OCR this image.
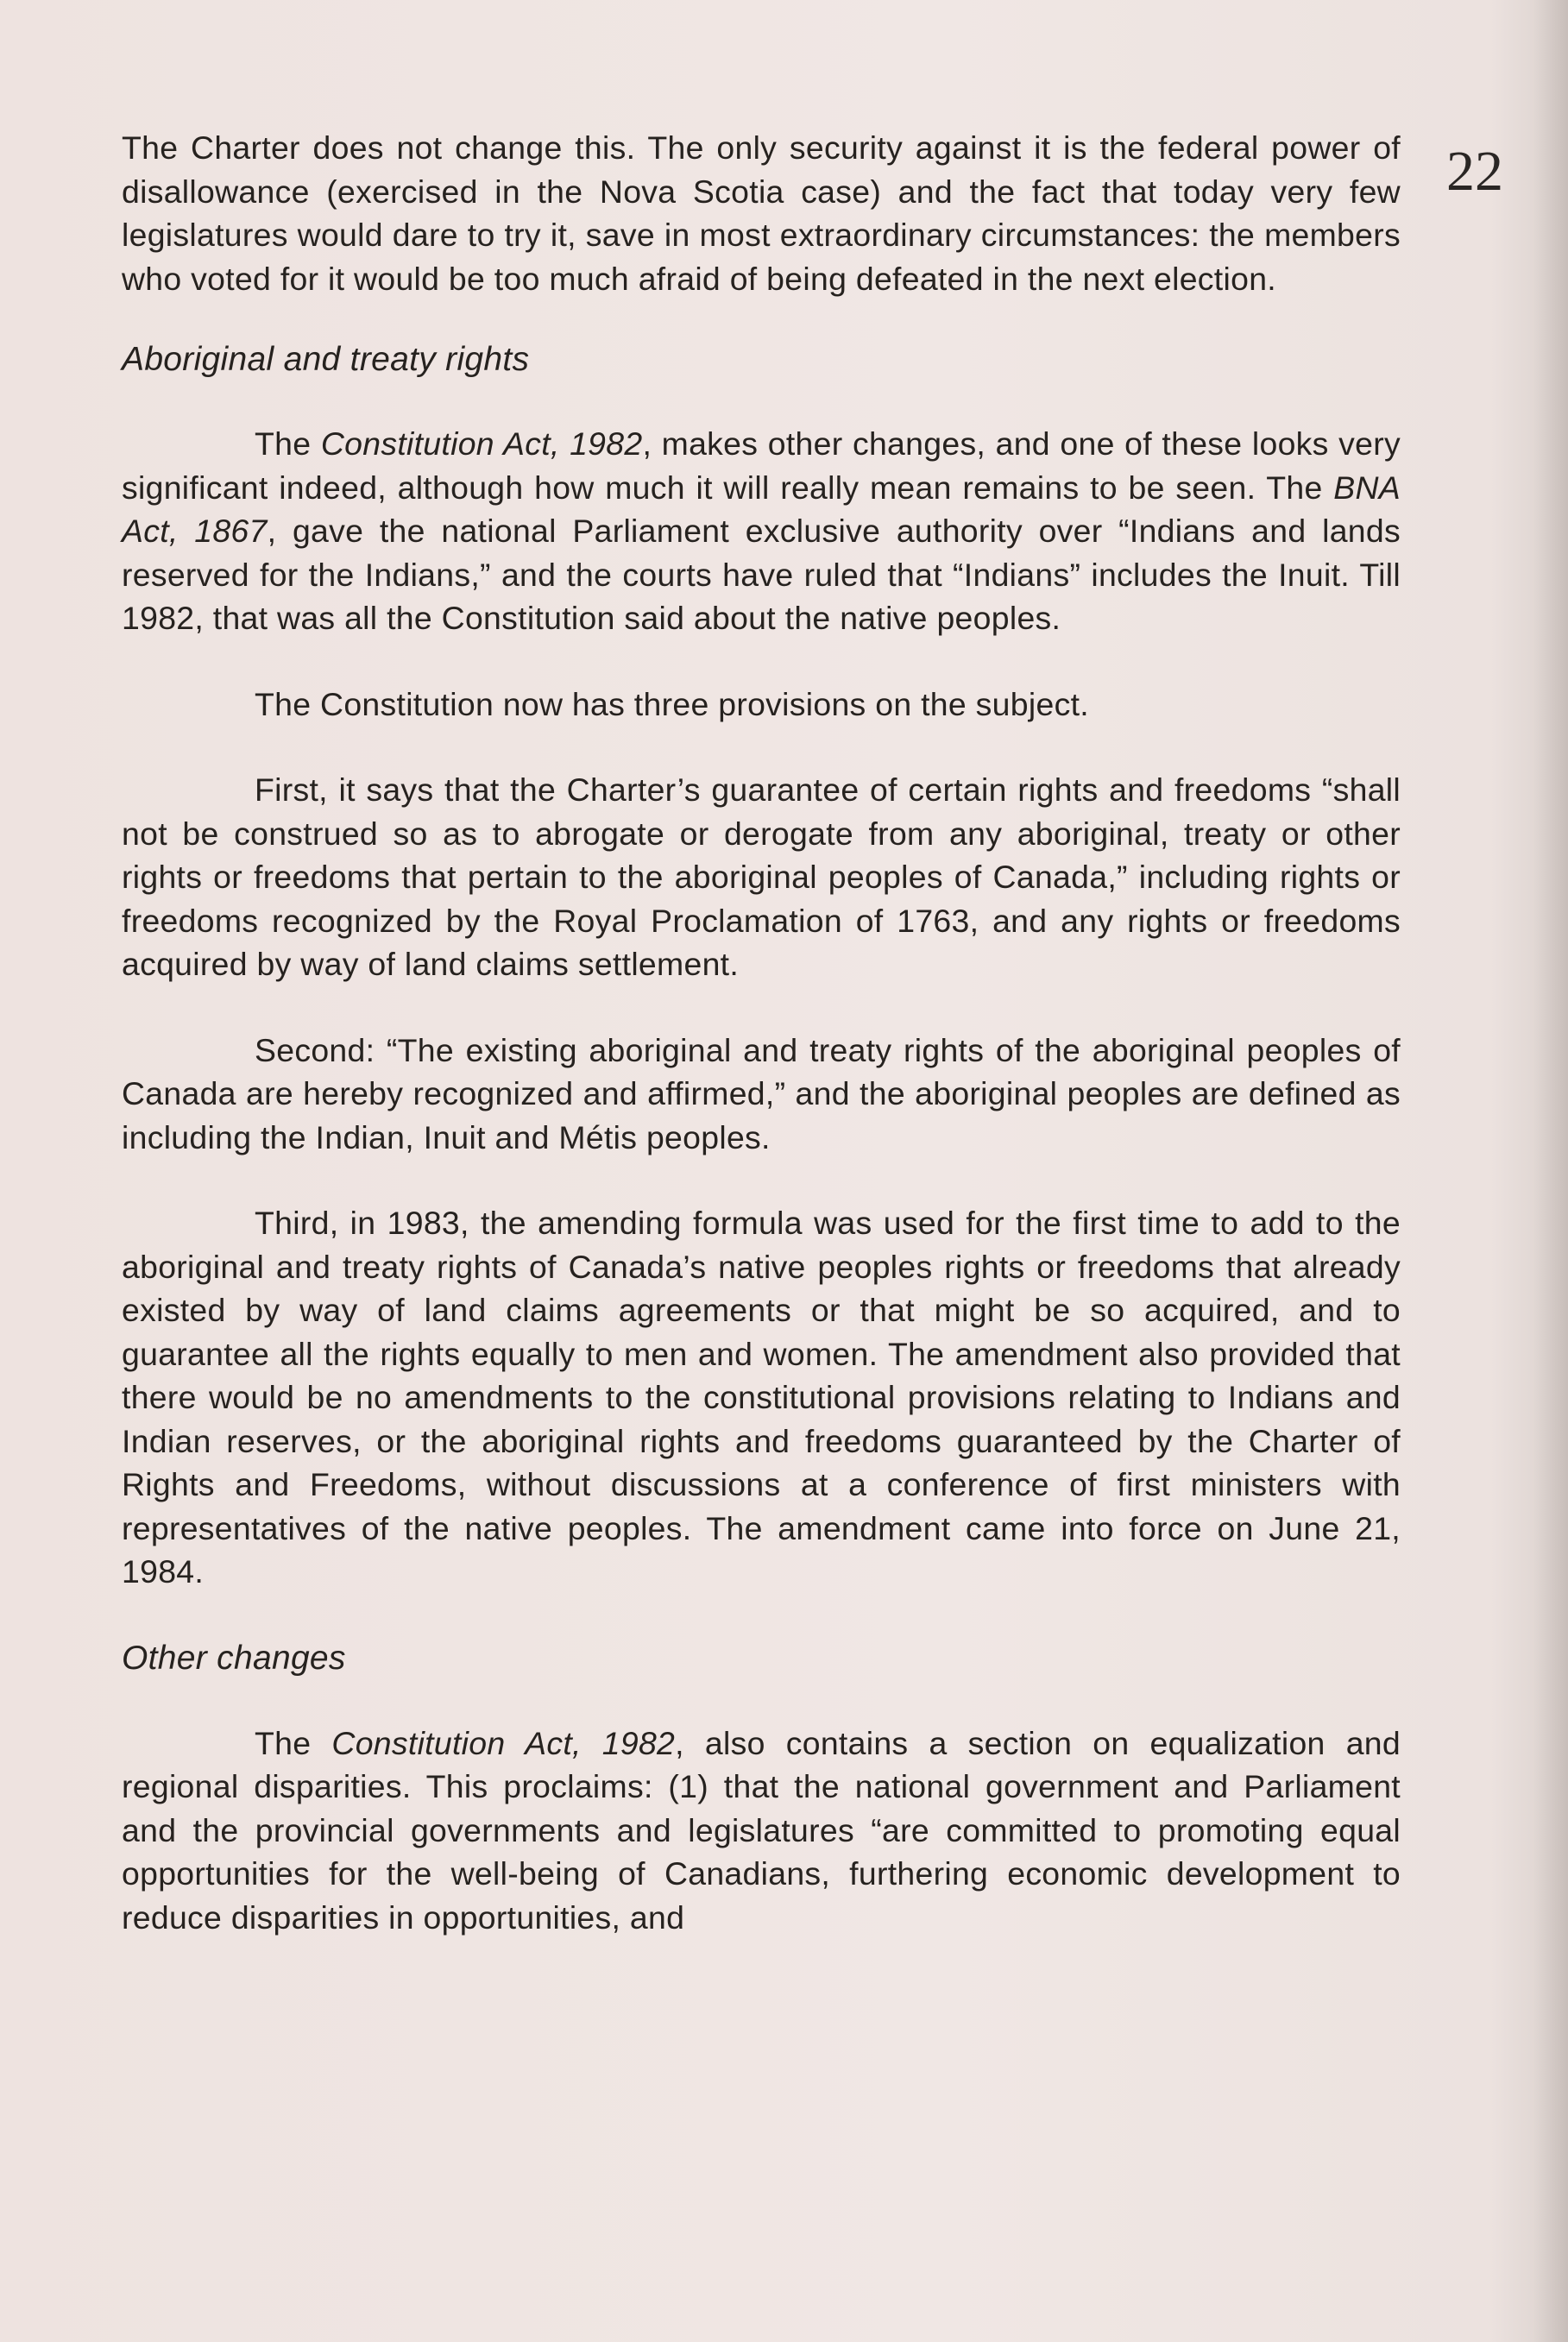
22

The Charter does not change this. The only security against it is the federal power of disallowance (exercised in the Nova Scotia case) and the fact that today very few legislatures would dare to try it, save in most extraordinary circumstances: the members who voted for it would be too much afraid of being defeated in the next election.

Aboriginal and treaty rights

The Constitution Act, 1982, makes other changes, and one of these looks very significant indeed, although how much it will really mean remains to be seen. The BNA Act, 1867, gave the national Parliament exclusive authority over “Indians and lands reserved for the Indians,” and the courts have ruled that “Indians” includes the Inuit. Till 1982, that was all the Constitution said about the native peoples.

The Constitution now has three provisions on the subject.

First, it says that the Charter’s guarantee of certain rights and freedoms “shall not be construed so as to abrogate or derogate from any aboriginal, treaty or other rights or freedoms that pertain to the aboriginal peoples of Canada,” including rights or freedoms recognized by the Royal Proclamation of 1763, and any rights or freedoms acquired by way of land claims settlement.

Second: “The existing aboriginal and treaty rights of the aboriginal peoples of Canada are hereby recognized and affirmed,” and the aboriginal peoples are defined as including the Indian, Inuit and Métis peoples.

Third, in 1983, the amending formula was used for the first time to add to the aboriginal and treaty rights of Canada’s native peoples rights or freedoms that already existed by way of land claims agreements or that might be so acquired, and to guarantee all the rights equally to men and women. The amendment also provided that there would be no amendments to the constitutional provisions relating to Indians and Indian reserves, or the aboriginal rights and freedoms guaranteed by the Charter of Rights and Freedoms, without discussions at a conference of first ministers with representatives of the native peoples. The amendment came into force on June 21, 1984.

Other changes

The Constitution Act, 1982, also contains a section on equalization and regional disparities. This proclaims: (1) that the national government and Parliament and the provincial governments and legislatures “are committed to promoting equal opportunities for the well-being of Canadians, furthering economic development to reduce disparities in opportunities, and
